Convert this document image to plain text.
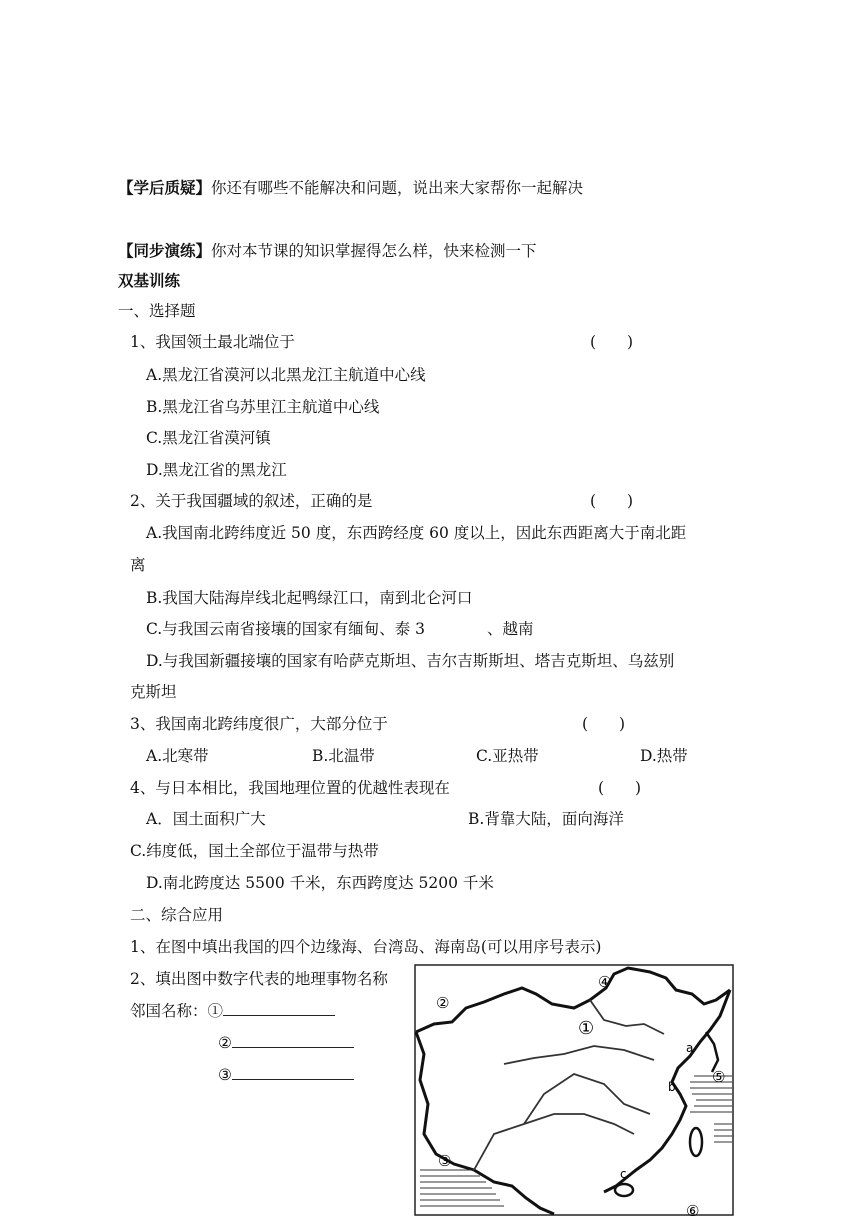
【学后质疑】你还有哪些不能解决和问题，说出来大家帮你一起解决
【同步演练】你对本节课的知识掌握得怎么样，快来检测一下
双基训练
一、选择题
1、我国领土最北端位于	(　　)
A.黑龙江省漠河以北黑龙江主航道中心线
B.黑龙江省乌苏里江主航道中心线
C.黑龙江省漠河镇
D.黑龙江省的黑龙江
2、关于我国疆域的叙述，正确的是	(　　)
A.我国南北跨纬度近 50 度，东西跨经度 60 度以上，因此东西距离大于南北距
离
B.我国大陆海岸线北起鸭绿江口，南到北仑河口
C.与我国云南省接壤的国家有缅甸、泰 3	、越南
D.与我国新疆接壤的国家有哈萨克斯坦、吉尔吉斯斯坦、塔吉克斯坦、乌兹别
克斯坦
3、我国南北跨纬度很广，大部分位于	(　　)
A.北寒带	B.北温带	C.亚热带	D.热带
4、与日本相比，我国地理位置的优越性表现在	(　　)
A．国土面积广大	B.背靠大陆，面向海洋
C.纬度低，国土全部位于温带与热带
D.南北跨度达 5500 千米，东西跨度达 5200 千米
二、综合应用
1、在图中填出我国的四个边缘海、台湾岛、海南岛(可以用序号表示)
2、填出图中数字代表的地理事物名称
邻国名称：①
②
③
②
④
①
③
⑤
⑥
a
b
c
